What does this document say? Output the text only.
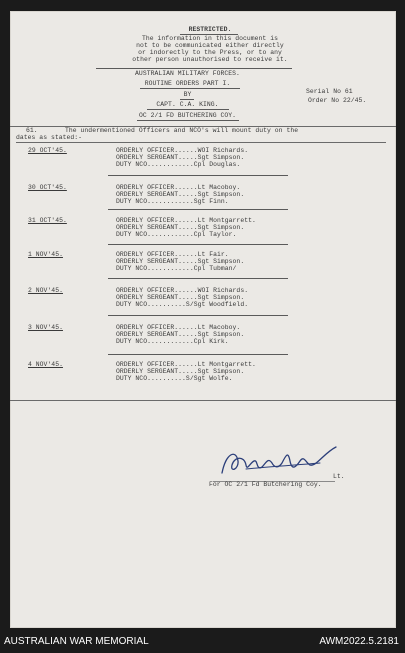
RESTRICTED.
The information in this document is
not to be communicated either directly
or indorectly to the Press, or to any
other person unauthorised to receive it.
AUSTRALIAN MILITARY FORCES.
ROUTINE ORDERS PART I.
BY
CAPT. C.A. KING.
OC 2/1 FD BUTCHERING COY.
Serial No 61
Order No 22/45.
61.	The undermentioned Officers and NCO's will mount duty on the
dates as stated:-
29 OCT'45.	ORDERLY OFFICER......WOI Richards.
ORDERLY SERGEANT.....Sgt Simpson.
DUTY NCO............Cpl Douglas.
30 OCT'45.	ORDERLY OFFICER......Lt Macoboy.
ORDERLY SERGEANT.....Sgt Simpson.
DUTY NCO............Sgt Finn.
31 OCT'45.	ORDERLY OFFICER......Lt Montgarrett.
ORDERLY SERGEANT.....Sgt Simpson.
DUTY NCO............Cpl Taylor.
1 NOV'45.	ORDERLY OFFICER......Lt Fair.
ORDERLY SERGEANT.....Sgt Simpson.
DUTY NCO............Cpl Tubman/
2 NOV'45.	ORDERLY OFFICER......WOI Richards.
ORDERLY SERGEANT.....Sgt Simpson.
DUTY NCO..........S/Sgt Woodfield.
3 NOV'45.	ORDERLY OFFICER......Lt Macoboy.
ORDERLY SERGEANT.....Sgt Simpson.
DUTY NCO............Cpl Kirk.
4 NOV'45.	ORDERLY OFFICER......Lt Montgarrett.
ORDERLY SERGEANT.....Sgt Simpson.
DUTY NCO..........S/Sgt Wolfe.
Lt.
For OC 2/1 Fd Butchering Coy.
AUSTRALIAN WAR MEMORIAL	AWM2022.5.2181
